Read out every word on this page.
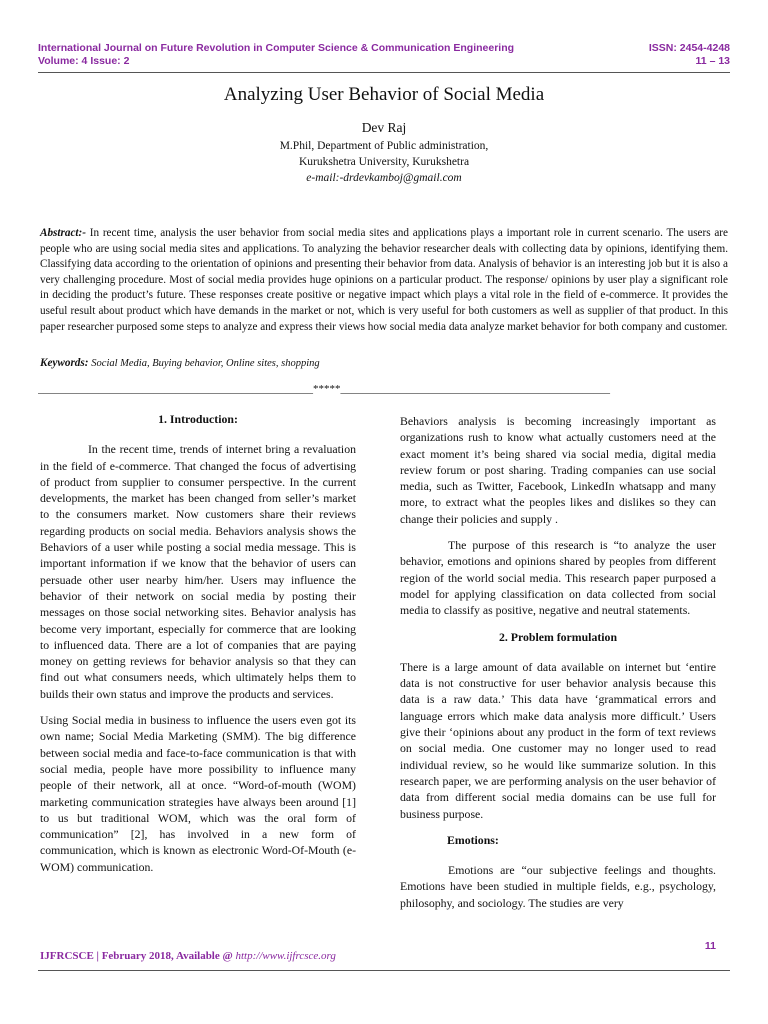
International Journal on Future Revolution in Computer Science & Communication Engineering	ISSN: 2454-4248
Volume: 4 Issue: 2	11 – 13
Analyzing User Behavior of Social Media
Dev Raj
M.Phil, Department of Public administration,
Kurukshetra University, Kurukshetra
e-mail:-drdevkamboj@gmail.com
Abstract:- In recent time, analysis the user behavior from social media sites and applications plays a important role in current scenario. The users are people who are using social media sites and applications. To analyzing the behavior researcher deals with collecting data by opinions, identifying them. Classifying data according to the orientation of opinions and presenting their behavior from data. Analysis of behavior is an interesting job but it is also a very challenging procedure. Most of social media provides huge opinions on a particular product. The response/ opinions by user play a significant role in deciding the product’s future. These responses create positive or negative impact which plays a vital role in the field of e-commerce. It provides the useful result about product which have demands in the market or not, which is very useful for both customers as well as supplier of that product. In this paper researcher purposed some steps to analyze and express their views how social media data analyze market behavior for both company and customer.
Keywords: Social Media, Buying behavior, Online sites, shopping
__________________________________________________*****_________________________________________________
1. Introduction:

In the recent time, trends of internet bring a revaluation in the field of e-commerce. That changed the focus of advertising of product from supplier to consumer perspective. In the current developments, the market has been changed from seller’s market to the consumers market. Now customers share their reviews regarding products on social media. Behaviors analysis shows the Behaviors of a user while posting a social media message. This is important information if we know that the behavior of users can persuade other user nearby him/her. Users may influence the behavior of their network on social media by posting their messages on those social networking sites. Behavior analysis has become very important, especially for commerce that are looking to influenced data. There are a lot of companies that are paying money on getting reviews for behavior analysis so that they can find out what consumers needs, which ultimately helps them to builds their own status and improve the products and services.

Using Social media in business to influence the users even got its own name; Social Media Marketing (SMM). The big difference between social media and face-to-face communication is that with social media, people have more possibility to influence many people of their network, all at once. “Word-of-mouth (WOM) marketing communication strategies have always been around [1] to us but traditional WOM, which was the oral form of communication” [2], has involved in a new form of communication, which is known as electronic Word-Of-Mouth (e-WOM) communication.

Behaviors analysis is becoming increasingly important as organizations rush to know what actually customers need at the exact moment it’s being shared via social media, digital media review forum or post sharing. Trading companies can use social media, such as Twitter, Facebook, LinkedIn whatsapp and many more, to extract what the peoples likes and dislikes so they can change their policies and supply .

The purpose of this research is “to analyze the user behavior, emotions and opinions shared by peoples from different region of the world social media. This research paper purposed a model for applying classification on data collected from social media to classify as positive, negative and neutral statements.

2. Problem formulation

There is a large amount of data available on internet but ‘entire data is not constructive for user behavior analysis because this data is a raw data.’ This data have ‘grammatical errors and language errors which make data analysis more difficult.’ Users give their ‘opinions about any product in the form of text reviews on social media. One customer may no longer used to read individual review, so he would like summarize solution. In this research paper, we are performing analysis on the user behavior of data from different social media domains can be use full for business purpose.

Emotions:

Emotions are “our subjective feelings and thoughts. Emotions have been studied in multiple fields, e.g., psychology, philosophy, and sociology. The studies are very

11
IJFRCSCE | February 2018, Available @ http://www.ijfrcsce.org
